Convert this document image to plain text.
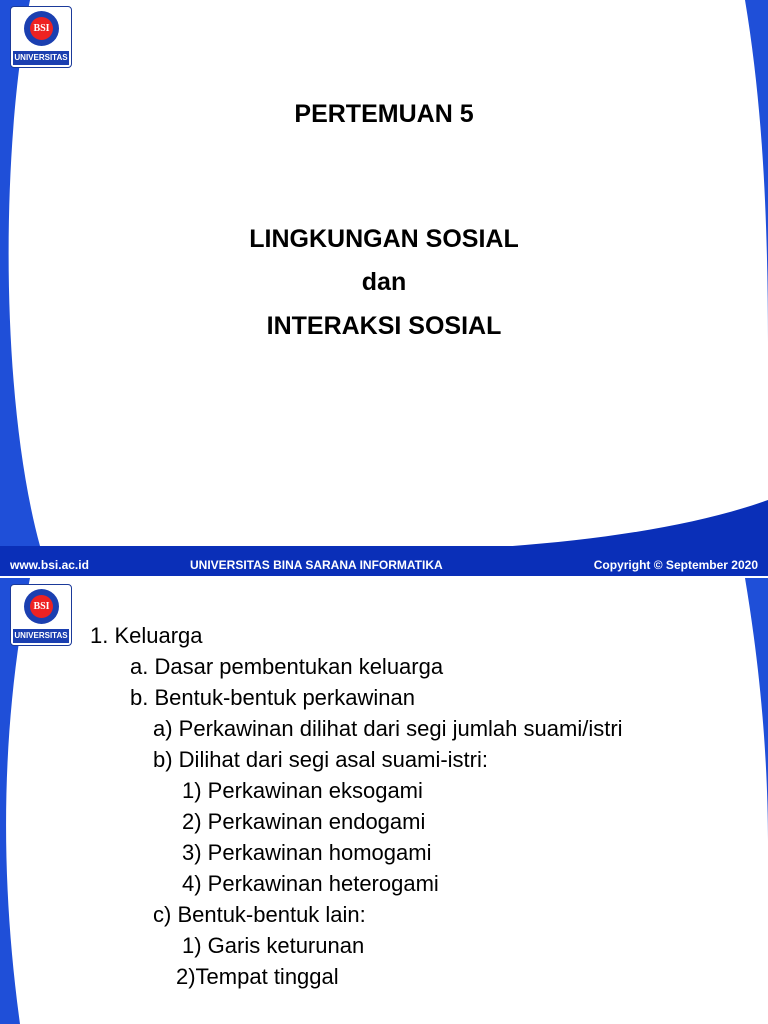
BSI
UNIVERSITAS
PERTEMUAN 5
LINGKUNGAN SOSIAL
dan
INTERAKSI SOSIAL
www.bsi.ac.id	UNIVERSITAS BINA SARANA INFORMATIKA	Copyright © September 2020
BSI
UNIVERSITAS 1. Keluarga
a. Dasar pembentukan keluarga
b. Bentuk-bentuk perkawinan
a) Perkawinan dilihat dari segi jumlah suami/istri
b) Dilihat dari segi asal suami-istri:
1) Perkawinan eksogami
2) Perkawinan endogami
3) Perkawinan homogami
4) Perkawinan heterogami
c) Bentuk-bentuk lain:
1) Garis keturunan
2)Tempat tinggal
